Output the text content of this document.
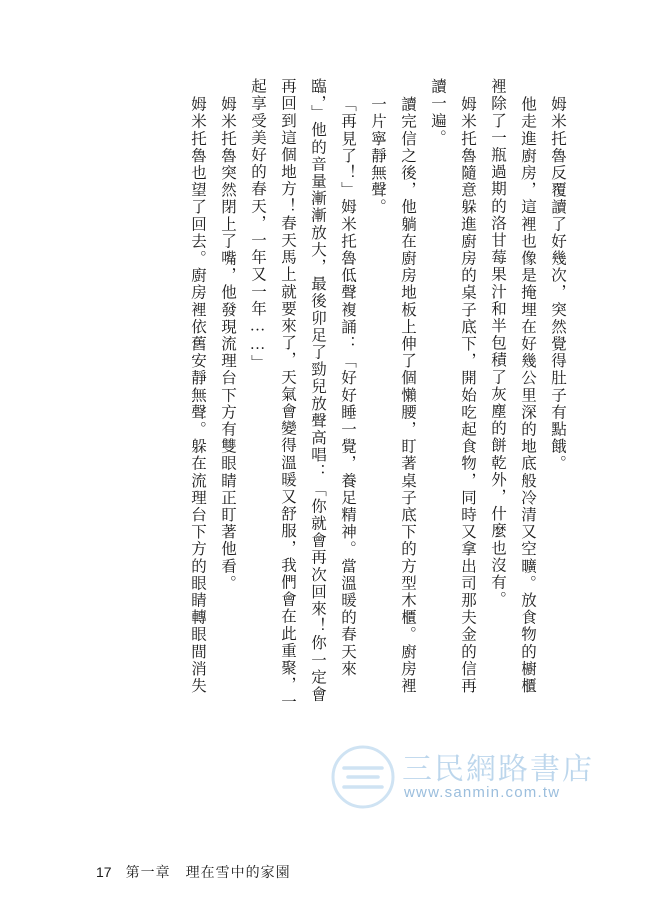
姆米托魯反覆讀了好幾次，突然覺得肚子有點餓。
他走進廚房，這裡也像是掩埋在好幾公里深的地底般冷清又空曠。放食物的櫥櫃
裡除了一瓶過期的洛甘莓果汁和半包積了灰塵的餅乾外，什麼也沒有。
姆米托魯隨意躲進廚房的桌子底下，開始吃起食物，同時又拿出司那夫金的信再
讀一遍。
讀完信之後，他躺在廚房地板上伸了個懶腰，盯著桌子底下的方型木櫃。廚房裡
一片寧靜無聲。
「再見了！」姆米托魯低聲複誦：「好好睡一覺，養足精神。當溫暖的春天來
臨，」他的音量漸漸放大，最後卯足了勁兒放聲高唱：「你就會再次回來！你一定會
再回到這個地方！春天馬上就要來了，天氣會變得溫暖又舒服，我們會在此重聚，一
起享受美好的春天，一年又一年……」
姆米托魯突然閉上了嘴，他發現流理台下方有雙眼睛正盯著他看。
姆米托魯也望了回去。廚房裡依舊安靜無聲。躲在流理台下方的眼睛轉眼間消失
三民網路書店
www.sanmin.com.tw
17 第一章　理在雪中的家園
